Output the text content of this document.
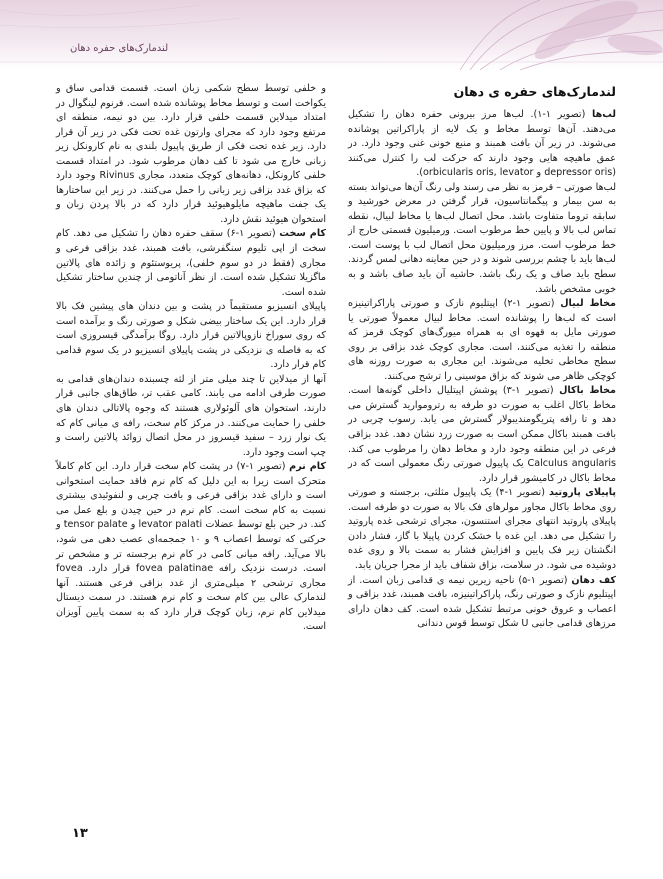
لندمارک‌های حفره دهان
لندمارک‌های حفره ی دهان

لب‌ها (تصویر ۱-۱). لب‌ها مرز بیرونی حفره دهان را تشکیل می‌دهند. آن‌ها توسط مخاط و یک لایه از پاراکراتین پوشانده می‌شوند. در زیر آن بافت همبند و منبع خونی غنی وجود دارد. در عمق ماهیچه هایی وجود دارند که حرکت لب را کنترل می‌کنند (depressor oris و orbicularis oris, levator).

لب‌ها صورتی – قرمز به نظر می رسند ولی رنگ آن‌ها می‌تواند بسته به سن بیمار و پیگمانتاسیون، قرار گرفتن در معرض خورشید و سابقه تروما متفاوت باشد. محل اتصال لب‌ها یا مخاط لبیال، نقطه تماس لب بالا و پایین خط مرطوب است. ورمیلیون قسمتی خارج از خط مرطوب است. مرز ورمیلیون محل اتصال لب با پوست است. لب‌ها باید با چشم بررسی شوند و در حین معاینه دهانی لمس گردند. سطح باید صاف و یک رنگ باشد. حاشیه آن باید صاف باشد و به خوبی مشخص باشد.

مخاط لبیال (تصویر ۱-۲) اپیتلیوم نازک و صورتی پاراکراتینیزه است که لب‌ها را پوشانده است. مخاط لبیال معمولاً صورتی یا صورتی مایل به قهوه ای به همراه میورگ‌های کوچک قرمز که منطقه را تغذیه می‌کنند، است. مجاری کوچک غدد بزاقی بر روی سطح مخاطی تخلیه می‌شوند. این مجاری به صورت روزنه های کوچکی ظاهر می شوند که بزاق موسینی را ترشح می‌کنند.

مخاط باکال (تصویر ۱-۳) پوشش اپیتلیال داخلی گونه‌ها است. مخاط باکال اغلب به صورت دو طرفه به رتروموارید گسترش می دهد و تا رافه پتریگومندیبولار گسترش می یابد. رسوب چربی در بافت همبند باکال ممکن است به صورت زرد نشان دهد. غدد بزاقی فرعی در این منطقه وجود دارد و مخاط دهان را مرطوب می کند. Calculus angularis یک پاپیول صورتی رنگ معمولی است که در مخاط باکال در کامیشور قرار دارد.

پاپیلای پاروتید (تصویر ۱-۴) یک پاپیول مثلثی، برجسته و صورتی روی مخاط باکال مجاور مولرهای فک بالا به صورت دو طرفه است. پاپیلای پاروتید انتهای مجرای استنسون، مجرای ترشحی غده پاروتید را تشکیل می دهد. این غده با خشک کردن پاپیلا با گاز، فشار دادن انگشتان زیر فک پایین و افزایش فشار به سمت بالا و روی غده دوشیده می شود. در سلامت، بزاق شفاف باید از مجرا جریان یابد.

کف دهان (تصویر ۱-۵) ناحیه زیرین نیمه ی قدامی زبان است. از اپیتلیوم نازک و صورتی رنگ، پاراکراتینیزه، بافت همبند، غدد بزاقی و اعصاب و عروق خونی مرتبط تشکیل شده است. کف دهان دارای مرزهای قدامی جانبی U شکل توسط قوس دندانی

و خلفی توسط سطح شکمی زبان است. قسمت قدامی ساق و یکواخت است و توسط مخاط پوشانده شده است. فرنوم لینگوال در امتداد میدلاین قسمت خلفی قرار دارد. بین دو نیمه، منطقه ای مرتفع وجود دارد که مجرای وارتون غده تحت فکی در زیر آن قرار دارد. زیر غده تحت فکی از طریق پاپیول بلندی به نام کارونکل زیر زبانی خارج می شود تا کف دهان مرطوب شود. در امتداد قسمت خلفی کارونکل، دهانه‌های کوچک متعدد، مجاری Rivinus وجود دارد که بزاق غدد بزاقی زیر زبانی را حمل می‌کنند. در زیر این ساختارها یک جفت ماهیچه مایلوهیوئید قرار دارد که در بالا پردن زبان و استخوان هیوئید نقش دارد.

کام سخت (تصویر ۱-۶) سقف حفره دهان را تشکیل می دهد. کام سخت از اپی تلیوم سنگفرشی، بافت همبند، غدد بزاقی فرعی و مجاری (فقط در دو سوم خلفی)، پریوستئوم و زائده های پالاتین ماگزیلا تشکیل شده است. از نظر آناتومی از چندین ساختار تشکیل شده است.

پاپیلای انسیزیو مستقیماً در پشت و بین دندان های پیشین فک بالا قرار دارد. این یک ساختار بیضی شکل و صورتی رنگ و برآمده است که روی سوراخ نازوپالاتین قرار دارد. روگا برآمدگی قیسروزی است که به فاصله ی نزدیکی در پشت پاپیلای انسیزیو در یک سوم قدامی کام قرار دارد.

آنها از میدلاین تا چند میلی متر از لثه چسبنده دندان‌های قدامی به صورت طرفی ادامه می یابند. کامی عقب تر، طاق‌های جانبی قرار دارند، استخوان های آلوئولاری هستند که وجوه پالاتالی دندان های خلفی را حمایت می‌کنند. در مرکز کام سخت، رافه ی میانی کام که یک نوار زرد – سفید قیسروز در محل اتصال زوائد پالاتین راست و چپ است وجود دارد.

کام نرم (تصویر ۱-۷) در پشت کام سخت قرار دارد. این کام کاملاً متحرک است زیرا به این دلیل که کام نرم فاقد حمایت استخوانی است و دارای غدد بزاقی فرعی و بافت چربی و لنفوئیدی بیشتری نسبت به کام سخت است. کام نرم در حین چیدن و بلع عمل می کند. در حین بلع توسط عضلات levator palati و tensor palate و حرکتی که توسط اعصاب ۹ و ۱۰ جمجمه‌ای عصب دهی می شود، بالا می‌آید. رافه میانی کامی در کام نرم برجسته تر و مشخص تر است. درست نزدیک رافه fovea palatinae قرار دارد. fovea مجاری ترشحی ۲ میلی‌متری از غدد بزاقی فرعی هستند. آنها لندمارک عالی بین کام سخت و کام نرم هستند. در سمت دیستال میدلاین کام نرم، زبان کوچک قرار دارد که به سمت پایین آویزان است.

۱۳
